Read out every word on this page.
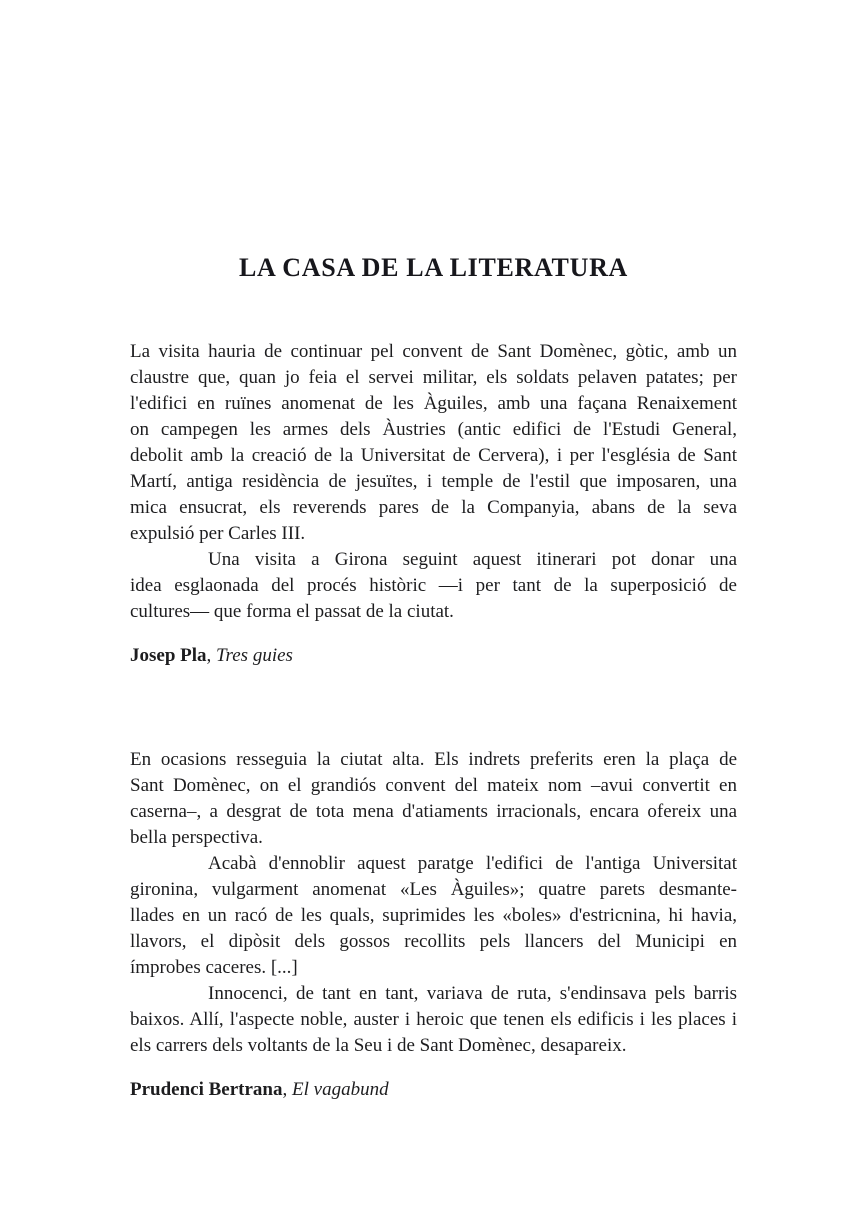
LA CASA DE LA LITERATURA
La visita hauria de continuar pel convent de Sant Domènec, gòtic, amb un
claustre que, quan jo feia el servei militar, els soldats pelaven patates; per
l'edifici en ruïnes anomenat de les Àguiles, amb una façana Renaixement
on campegen les armes dels Àustries (antic edifici de l'Estudi General,
debolit amb la creació de la Universitat de Cervera), i per l'església de Sant
Martí, antiga residència de jesuïtes, i temple de l'estil que imposaren, una
mica ensucrat, els reverends pares de la Companyia, abans de la seva
expulsió per Carles III.
Una visita a Girona seguint aquest itinerari pot donar una
idea esglaonada del procés històric —i per tant de la superposició de
cultures— que forma el passat de la ciutat.

Josep Pla, Tres guies

En ocasions resseguia la ciutat alta. Els indrets preferits eren la plaça de
Sant Domènec, on el grandiós convent del mateix nom –avui convertit en
caserna–, a desgrat de tota mena d'atiaments irracionals, encara ofereix una
bella perspectiva.
Acabà d'ennoblir aquest paratge l'edifici de l'antiga Universitat
gironina, vulgarment anomenat «Les Àguiles»; quatre parets desmante-
llades en un racó de les quals, suprimides les «boles» d'estricnina, hi havia,
llavors, el dipòsit dels gossos recollits pels llancers del Municipi en
ímprobes caceres. [...]
Innocenci, de tant en tant, variava de ruta, s'endinsava pels barris
baixos. Allí, l'aspecte noble, auster i heroic que tenen els edificis i les places i
els carrers dels voltants de la Seu i de Sant Domènec, desapareix.

Prudenci Bertrana, El vagabund
